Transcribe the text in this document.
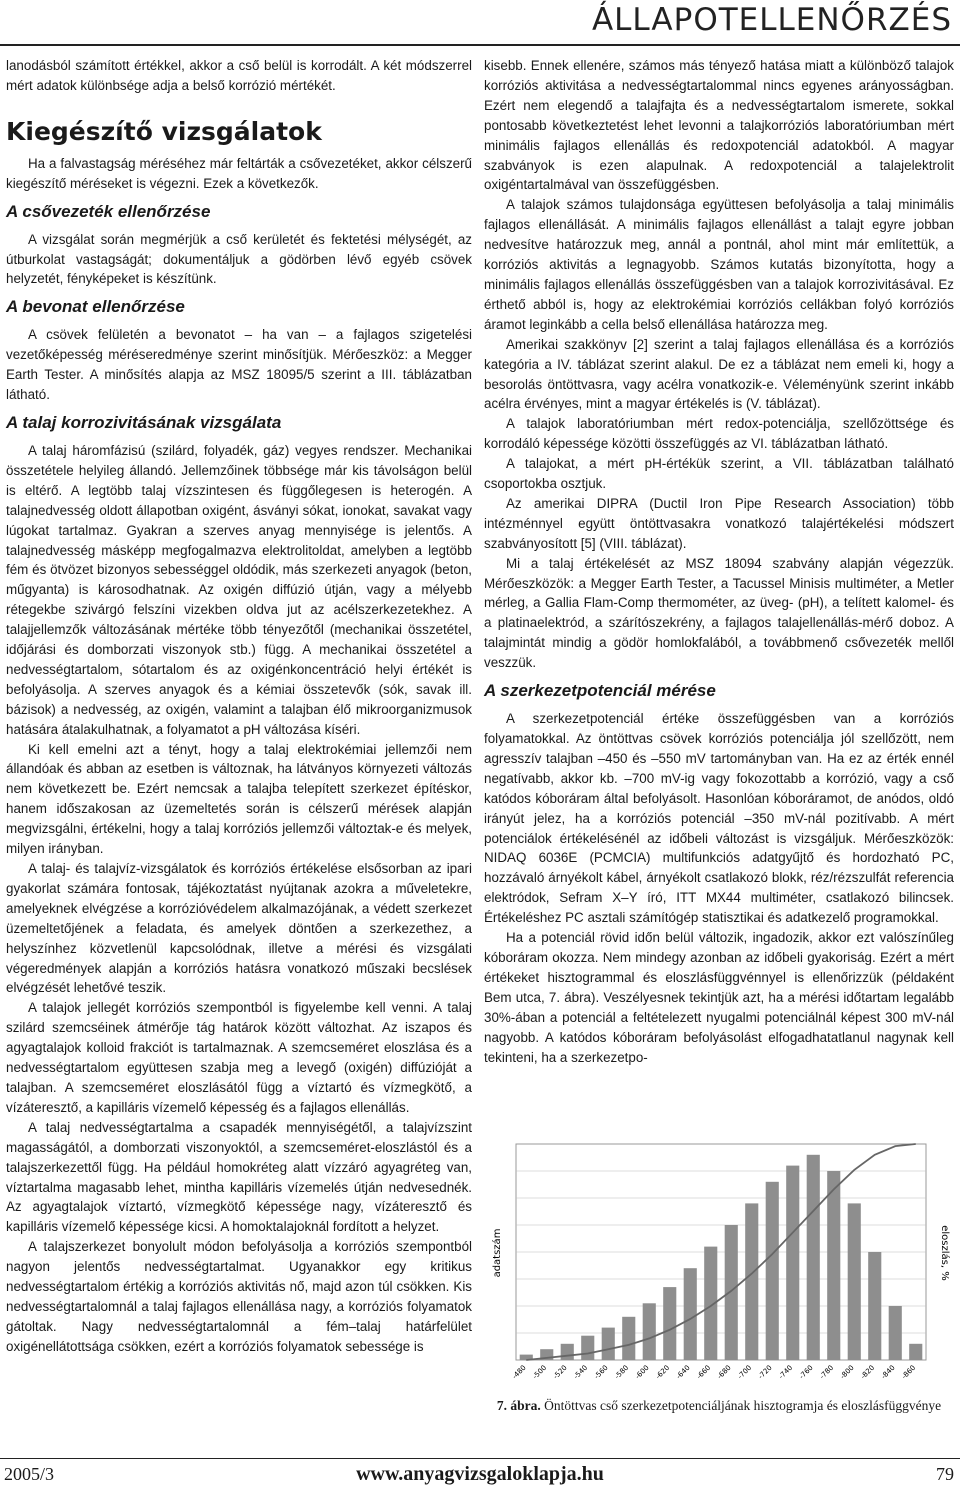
ÁLLAPOTELLENŐRZÉS

lanodásból számított értékkel, akkor a cső belül is korrodált. A két módszerrel mért adatok különbsége adja a belső korrózió mértékét.

Kiegészítő vizsgálatok

Ha a falvastagság méréséhez már feltárták a csővezetéket, akkor célszerű kiegészítő méréseket is végezni. Ezek a következők.

A csővezeték ellenőrzése

A vizsgálat során megmérjük a cső kerületét és fektetési mélységét, az útburkolat vastagságát; dokumentáljuk a gödörben lévő egyéb csövek helyzetét, fényképeket is készítünk.

A bevonat ellenőrzése

A csövek felületén a bevonatot – ha van – a fajlagos szigetelési vezetőképesség méréseredménye szerint minősítjük. Mérőeszköz: a Megger Earth Tester. A minősítés alapja az MSZ 18095/5 szerint a III. táblázatban látható.

A talaj korrozivitásának vizsgálata

A talaj háromfázisú (szilárd, folyadék, gáz) vegyes rendszer. Mechanikai összetétele helyileg állandó. Jellemzőinek többsége már kis távolságon belül is eltérő. A legtöbb talaj vízszintesen és függőlegesen is heterogén. A talajnedvesség oldott állapotban oxigént, ásványi sókat, ionokat, savakat vagy lúgokat tartalmaz. Gyakran a szerves anyag mennyisége is jelentős. A talajnedvesség másképp megfogalmazva elektrolitoldat, amelyben a legtöbb fém és ötvözet bizonyos sebességgel oldódik, más szerkezeti anyagok (beton, műgyanta) is károsodhatnak. Az oxigén diffúzió útján, vagy a mélyebb rétegekbe szivárgó felszíni vizekben oldva jut az acélszerkezetekhez. A talajjellemzők változásának mértéke több tényezőtől (mechanikai összetétel, időjárási és domborzati viszonyok stb.) függ. A mechanikai összetétel a nedvességtartalom, sótartalom és az oxigénkoncentráció helyi értékét is befolyásolja. A szerves anyagok és a kémiai összetevők (sók, savak ill. bázisok) a nedvesség, az oxigén, valamint a talajban élő mikroorganizmusok hatására átalakulhatnak, a folyamatot a pH változása kíséri.

Ki kell emelni azt a tényt, hogy a talaj elektrokémiai jellemzői nem állandóak és abban az esetben is változnak, ha látványos környezeti változás nem következett be. Ezért nemcsak a talajba telepített szerkezet építéskor, hanem időszakosan az üzemeltetés során is célszerű mérések alapján megvizsgálni, értékelni, hogy a talaj korróziós jellemzői változtak-e és melyek, milyen irányban.

A talaj- és talajvíz-vizsgálatok és korróziós értékelése elsősorban az ipari gyakorlat számára fontosak, tájékoztatást nyújtanak azokra a műveletekre, amelyeknek elvégzése a korrózióvédelem alkalmazójának, a védett szerkezet üzemeltetőjének a feladata, és amelyek döntően a szerkezethez, a helyszínhez közvetlenül kapcsolódnak, illetve a mérési és vizsgálati végeredmények alapján a korróziós hatásra vonatkozó műszaki becslések elvégzését lehetővé teszik.

A talajok jellegét korróziós szempontból is figyelembe kell venni. A talaj szilárd szemcséinek átmérője tág határok között változhat. Az iszapos és agyagtalajok kolloid frakciót is tartalmaznak. A szemcseméret eloszlása és a nedvességtartalom együttesen szabja meg a levegő (oxigén) diffúzióját a talajban. A szemcseméret eloszlásától függ a víztartó és vízmegkötő, a vízáteresztő, a kapilláris vízemelő képesség és a fajlagos ellenállás.

A talaj nedvességtartalma a csapadék mennyiségétől, a talajvízszint magasságától, a domborzati viszonyoktól, a szemcseméret-eloszlástól és a talajszerkezettől függ. Ha például homokréteg alatt vízzáró agyagréteg van, víztartalma magasabb lehet, mintha kapilláris vízemelés útján nedvesednék. Az agyagtalajok víztartó, vízmegkötő képessége nagy, vízáteresztő és kapilláris vízemelő képessége kicsi. A homoktalajoknál fordított a helyzet.

A talajszerkezet bonyolult módon befolyásolja a korróziós szempontból nagyon jelentős nedvességtartalmat. Ugyanakkor egy kritikus nedvességtartalom értékig a korróziós aktivitás nő, majd azon túl csökken. Kis nedvességtartalomnál a talaj fajlagos ellenállása nagy, a korróziós folyamatok gátoltak. Nagy nedvességtartalomnál a fém–talaj határfelület oxigénellátottsága csökken, ezért a korróziós folyamatok sebessége is

kisebb. Ennek ellenére, számos más tényező hatása miatt a különböző talajok korróziós aktivitása a nedvességtartalommal nincs egyenes arányosságban. Ezért nem elegendő a talajfajta és a nedvességtartalom ismerete, sokkal pontosabb következtetést lehet levonni a talajkorróziós laboratóriumban mért minimális fajlagos ellenállás és redoxpotenciál adatokból. A magyar szabványok is ezen alapulnak. A redoxpotenciál a talajelektrolit oxigéntartalmával van összefüggésben.

A talajok számos tulajdonsága együttesen befolyásolja a talaj minimális fajlagos ellenállását. A minimális fajlagos ellenállást a talajt egyre jobban nedvesítve határozzuk meg, annál a pontnál, ahol mint már említettük, a korróziós aktivitás a legnagyobb. Számos kutatás bizonyította, hogy a minimális fajlagos ellenállás összefüggésben van a talajok korrozivitásával. Ez érthető abból is, hogy az elektrokémiai korróziós cellákban folyó korróziós áramot leginkább a cella belső ellenállása határozza meg.

Amerikai szakkönyv [2] szerint a talaj fajlagos ellenállása és a korróziós kategória a IV. táblázat szerint alakul. De ez a táblázat nem emeli ki, hogy a besorolás öntöttvasra, vagy acélra vonatkozik-e. Véleményünk szerint inkább acélra érvényes, mint a magyar értékelés is (V. táblázat).

A talajok laboratóriumban mért redox-potenciálja, szellőzöttsége és korrodáló képessége közötti összefüggés az VI. táblázatban látható.

A talajokat, a mért pH-értékük szerint, a VII. táblázatban található csoportokba osztjuk.

Az amerikai DIPRA (Ductil Iron Pipe Research Association) több intézménnyel együtt öntöttvasakra vonatkozó talajértékelési módszert szabványosított [5] (VIII. táblázat).

Mi a talaj értékelését az MSZ 18094 szabvány alapján végezzük. Mérőeszközök: a Megger Earth Tester, a Tacussel Minisis multiméter, a Metler mérleg, a Gallia Flam-Comp thermométer, az üveg- (pH), a telített kalomel- és a platinaelektród, a szárítószekrény, a fajlagos talajellenállás-mérő doboz. A talajmintát mindig a gödör homlokfalából, a továbbmenő csővezeték mellől veszzük.

A szerkezetpotenciál mérése

A szerkezetpotenciál értéke összefüggésben van a korróziós folyamatokkal. Az öntöttvas csövek korróziós potenciálja jól szellőzött, nem agresszív talajban –450 és –550 mV tartományban van. Ha ez az érték ennél negatívabb, akkor kb. –700 mV-ig vagy fokozottabb a korrózió, vagy a cső katódos kóboráram által befolyásolt. Hasonlóan kóboráramot, de anódos, oldó irányút jelez, ha a korróziós potenciál –350 mV-nál pozitívabb. A mért potenciálok értékelésénél az időbeli változást is vizsgáljuk. Mérőeszközök: NIDAQ 6036E (PCMCIA) multifunkciós adatgyűjtő és hordozható PC, hozzávaló árnyékolt kábel, árnyékolt csatlakozó blokk, réz/rézszulfát referencia elektródok, Sefram X–Y író, ITT MX44 multiméter, csatlakozó bilincsek. Értékeléshez PC asztali számítógép statisztikai és adatkezelő programokkal.

Ha a potenciál rövid időn belül változik, ingadozik, akkor ezt valószínűleg kóboráram okozza. Nem mindegy azonban az időbeli gyakoriság. Ezért a mért értékeket hisztogrammal és eloszlásfüggvénnyel is ellenőrizzük (példaként Bem utca, 7. ábra). Veszélyesnek tekintjük azt, ha a mérési időtartam legalább 30%-ában a potenciál a feltételezett nyugalmi potenciálnál képest 300 mV-nál nagyobb. A katódos kóboráram befolyásolást elfogadhatatlanul nagynak kell tekinteni, ha a szerkezetpo-

-480 -500 -520 -540 -560 -580 -600 -620 -640 -660 -680 -700 -720 -740 -760 -780 -800 -820 -840 -860
adatszám	eloszlás, %
7. ábra. Öntöttvas cső szerkezetpotenciáljának hisztogramja és eloszlásfüggvénye
2005/3	www.anyagvizsgaloklapja.hu	79
